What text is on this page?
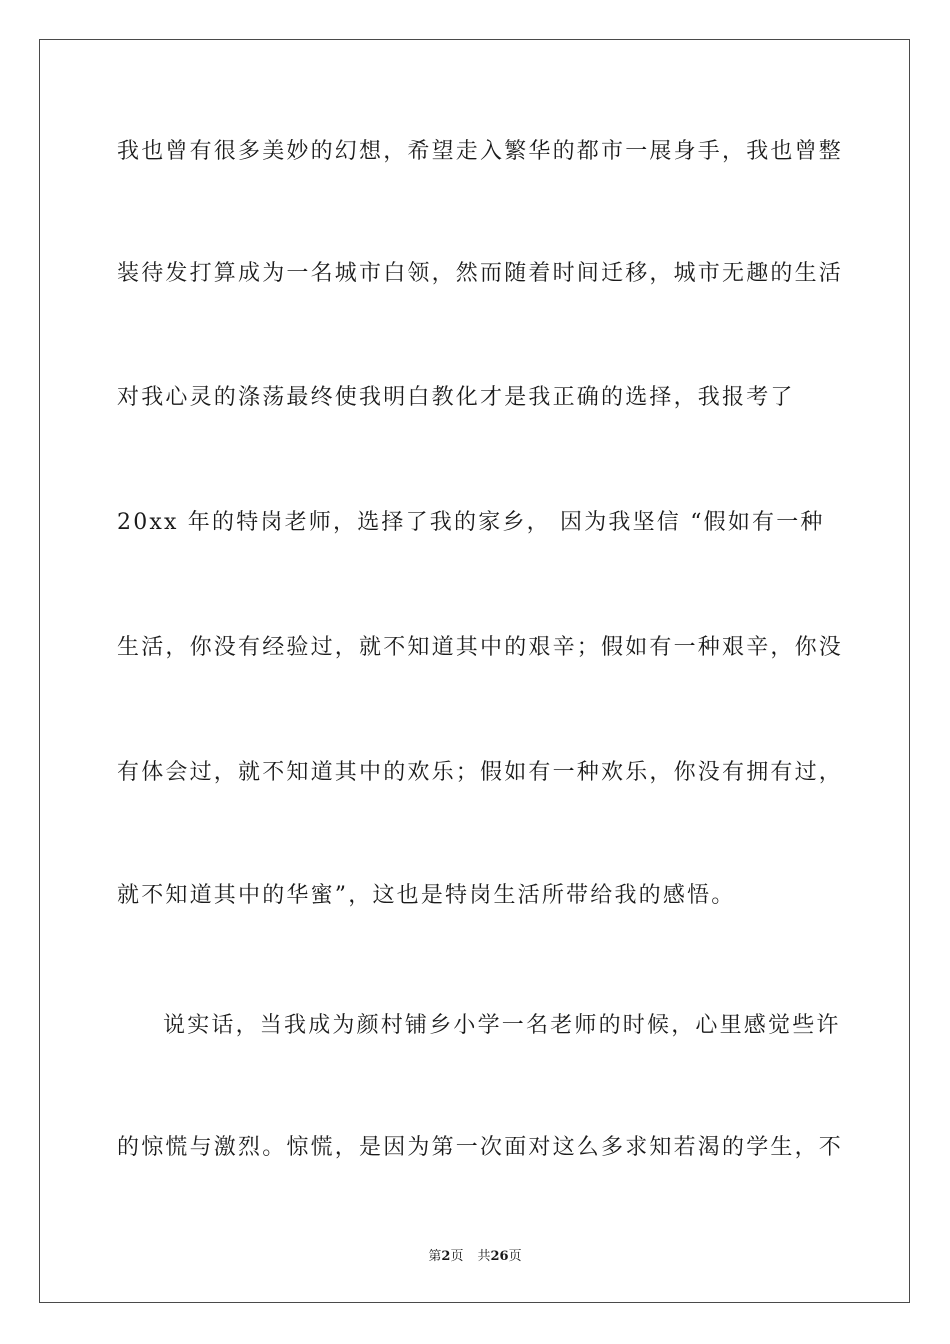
我也曾有很多美妙的幻想，希望走入繁华的都市一展身手，我也曾整
装待发打算成为一名城市白领，然而随着时间迁移，城市无趣的生活
对我心灵的涤荡最终使我明白教化才是我正确的选择，我报考了
20xx 年的特岗老师，选择了我的家乡， 因为我坚信 “假如有一种
生活，你没有经验过，就不知道其中的艰辛；假如有一种艰辛，你没
有体会过，就不知道其中的欢乐；假如有一种欢乐，你没有拥有过，
就不知道其中的华蜜”，这也是特岗生活所带给我的感悟。
说实话，当我成为颜村铺乡小学一名老师的时候，心里感觉些许
的惊慌与激烈。惊慌，是因为第一次面对这么多求知若渴的学生，不
第2页 共26页
